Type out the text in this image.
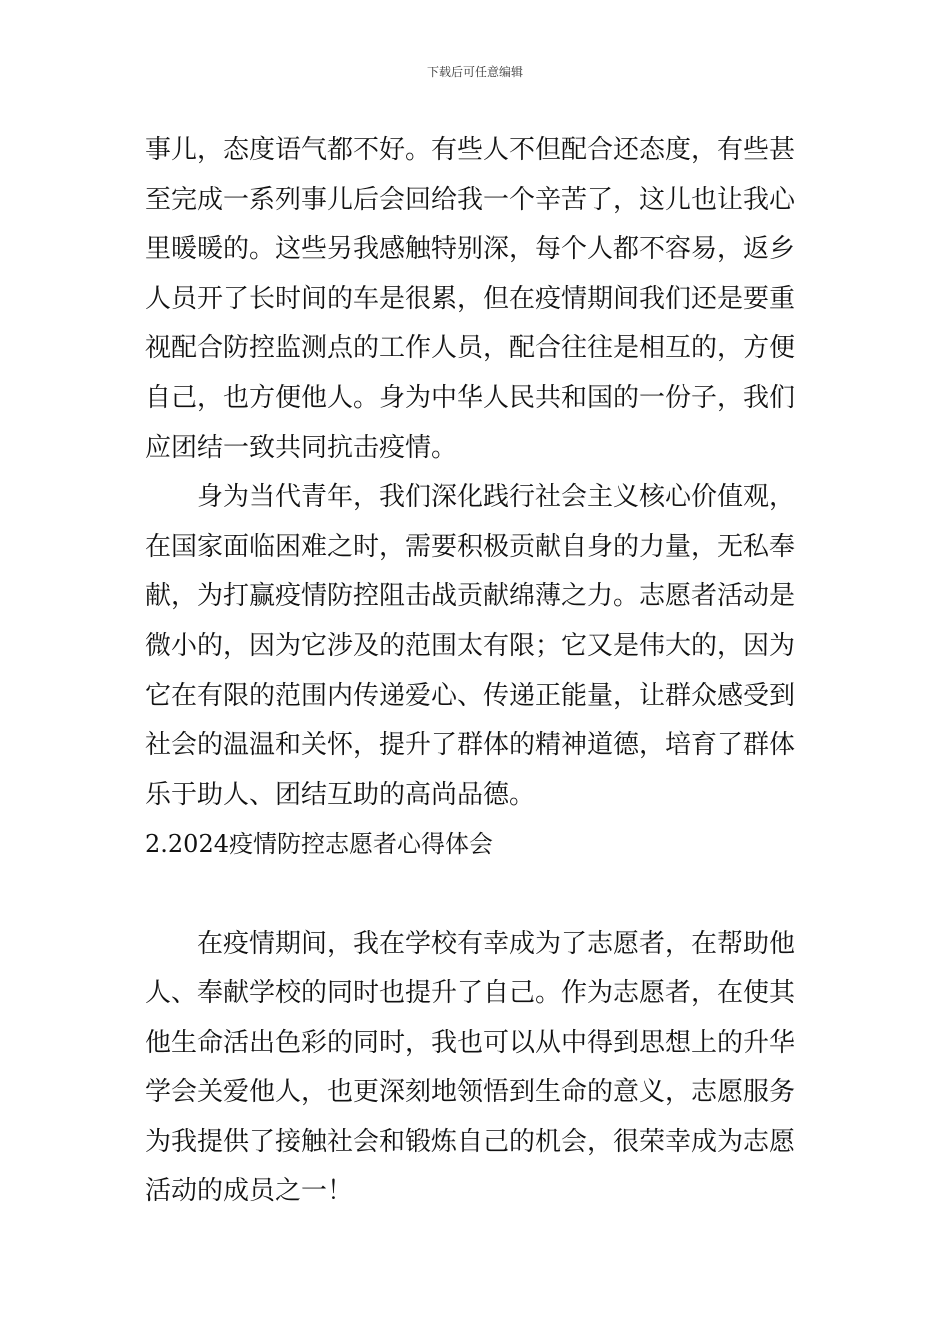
下载后可任意编辑
事儿，态度语气都不好。有些人不但配合还态度，有些甚
至完成一系列事儿后会回给我一个辛苦了，这儿也让我心
里暖暖的。这些另我感触特别深，每个人都不容易，返乡
人员开了长时间的车是很累，但在疫情期间我们还是要重
视配合防控监测点的工作人员，配合往往是相互的，方便
自己，也方便他人。身为中华人民共和国的一份子，我们
应团结一致共同抗击疫情。
身为当代青年，我们深化践行社会主义核心价值观，
在国家面临困难之时，需要积极贡献自身的力量，无私奉
献，为打赢疫情防控阻击战贡献绵薄之力。志愿者活动是
微小的，因为它涉及的范围太有限；它又是伟大的，因为
它在有限的范围内传递爱心、传递正能量，让群众感受到
社会的温温和关怀，提升了群体的精神道德，培育了群体
乐于助人、团结互助的高尚品德。
2.2024疫情防控志愿者心得体会
在疫情期间，我在学校有幸成为了志愿者，在帮助他
人、奉献学校的同时也提升了自己。作为志愿者，在使其
他生命活出色彩的同时，我也可以从中得到思想上的升华
学会关爱他人，也更深刻地领悟到生命的意义，志愿服务
为我提供了接触社会和锻炼自己的机会，很荣幸成为志愿
活动的成员之一！
